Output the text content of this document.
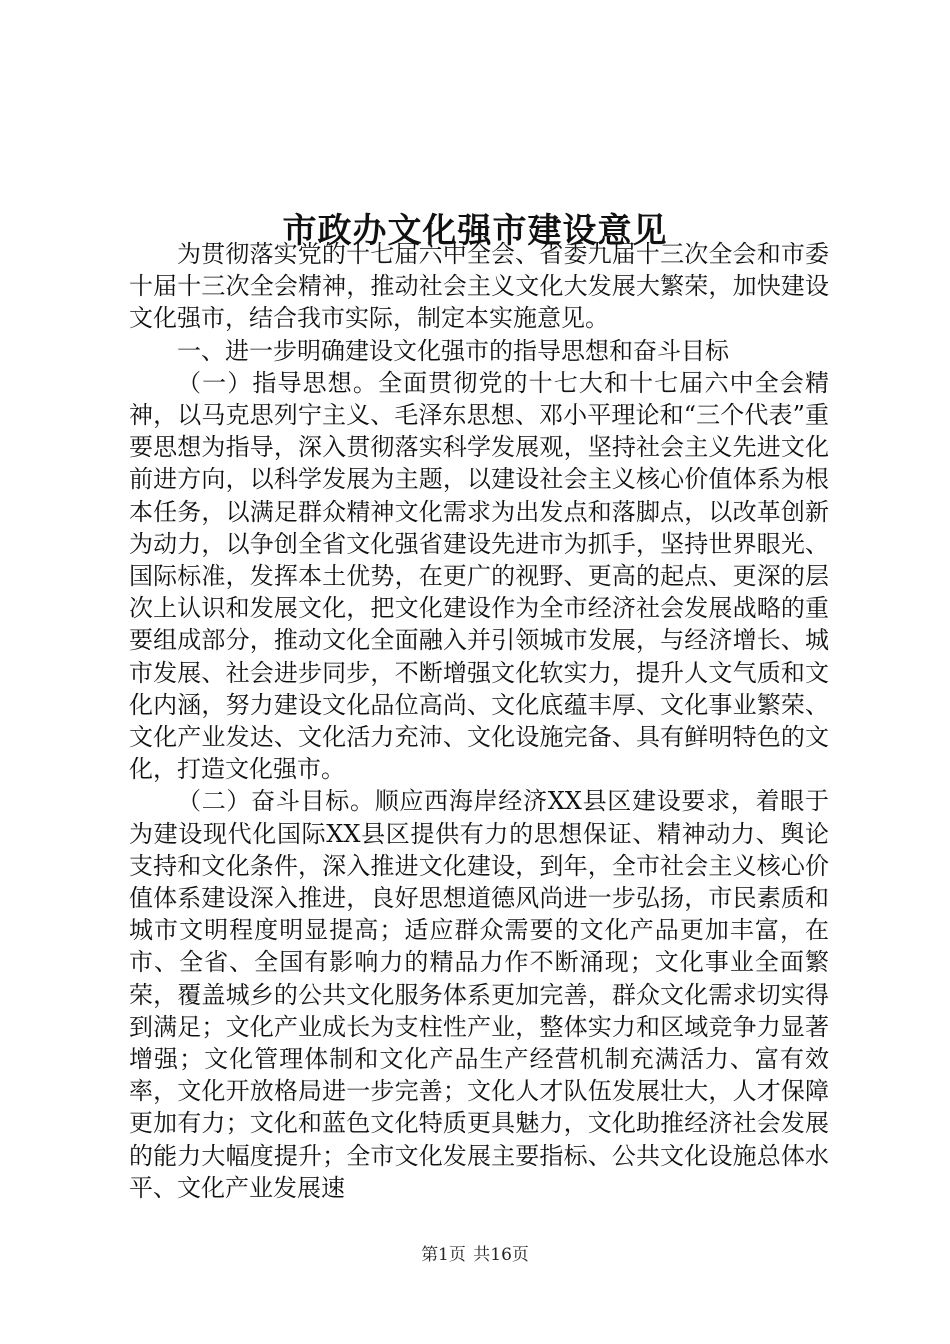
市政办文化强市建设意见

为贯彻落实党的十七届六中全会、省委九届十三次全会和市委十届十三次全会精神，推动社会主义文化大发展大繁荣，加快建设文化强市，结合我市实际，制定本实施意见。

一、进一步明确建设文化强市的指导思想和奋斗目标

（一）指导思想。全面贯彻党的十七大和十七届六中全会精神，以马克思列宁主义、毛泽东思想、邓小平理论和“三个代表”重要思想为指导，深入贯彻落实科学发展观，坚持社会主义先进文化前进方向，以科学发展为主题，以建设社会主义核心价值体系为根本任务，以满足群众精神文化需求为出发点和落脚点，以改革创新为动力，以争创全省文化强省建设先进市为抓手，坚持世界眼光、国际标准，发挥本土优势，在更广的视野、更高的起点、更深的层次上认识和发展文化，把文化建设作为全市经济社会发展战略的重要组成部分，推动文化全面融入并引领城市发展，与经济增长、城市发展、社会进步同步，不断增强文化软实力，提升人文气质和文化内涵，努力建设文化品位高尚、文化底蕴丰厚、文化事业繁荣、文化产业发达、文化活力充沛、文化设施完备、具有鲜明特色的文化，打造文化强市。

（二）奋斗目标。顺应西海岸经济XX县区建设要求，着眼于为建设现代化国际XX县区提供有力的思想保证、精神动力、舆论支持和文化条件，深入推进文化建设，到年，全市社会主义核心价值体系建设深入推进，良好思想道德风尚进一步弘扬，市民素质和城市文明程度明显提高；适应群众需要的文化产品更加丰富，在市、全省、全国有影响力的精品力作不断涌现；文化事业全面繁荣，覆盖城乡的公共文化服务体系更加完善，群众文化需求切实得到满足；文化产业成长为支柱性产业，整体实力和区域竞争力显著增强；文化管理体制和文化产品生产经营机制充满活力、富有效率，文化开放格局进一步完善；文化人才队伍发展壮大，人才保障更加有力；文化和蓝色文化特质更具魅力，文化助推经济社会发展的能力大幅度提升；全市文化发展主要指标、公共文化设施总体水平、文化产业发展速

第1页 共16页
